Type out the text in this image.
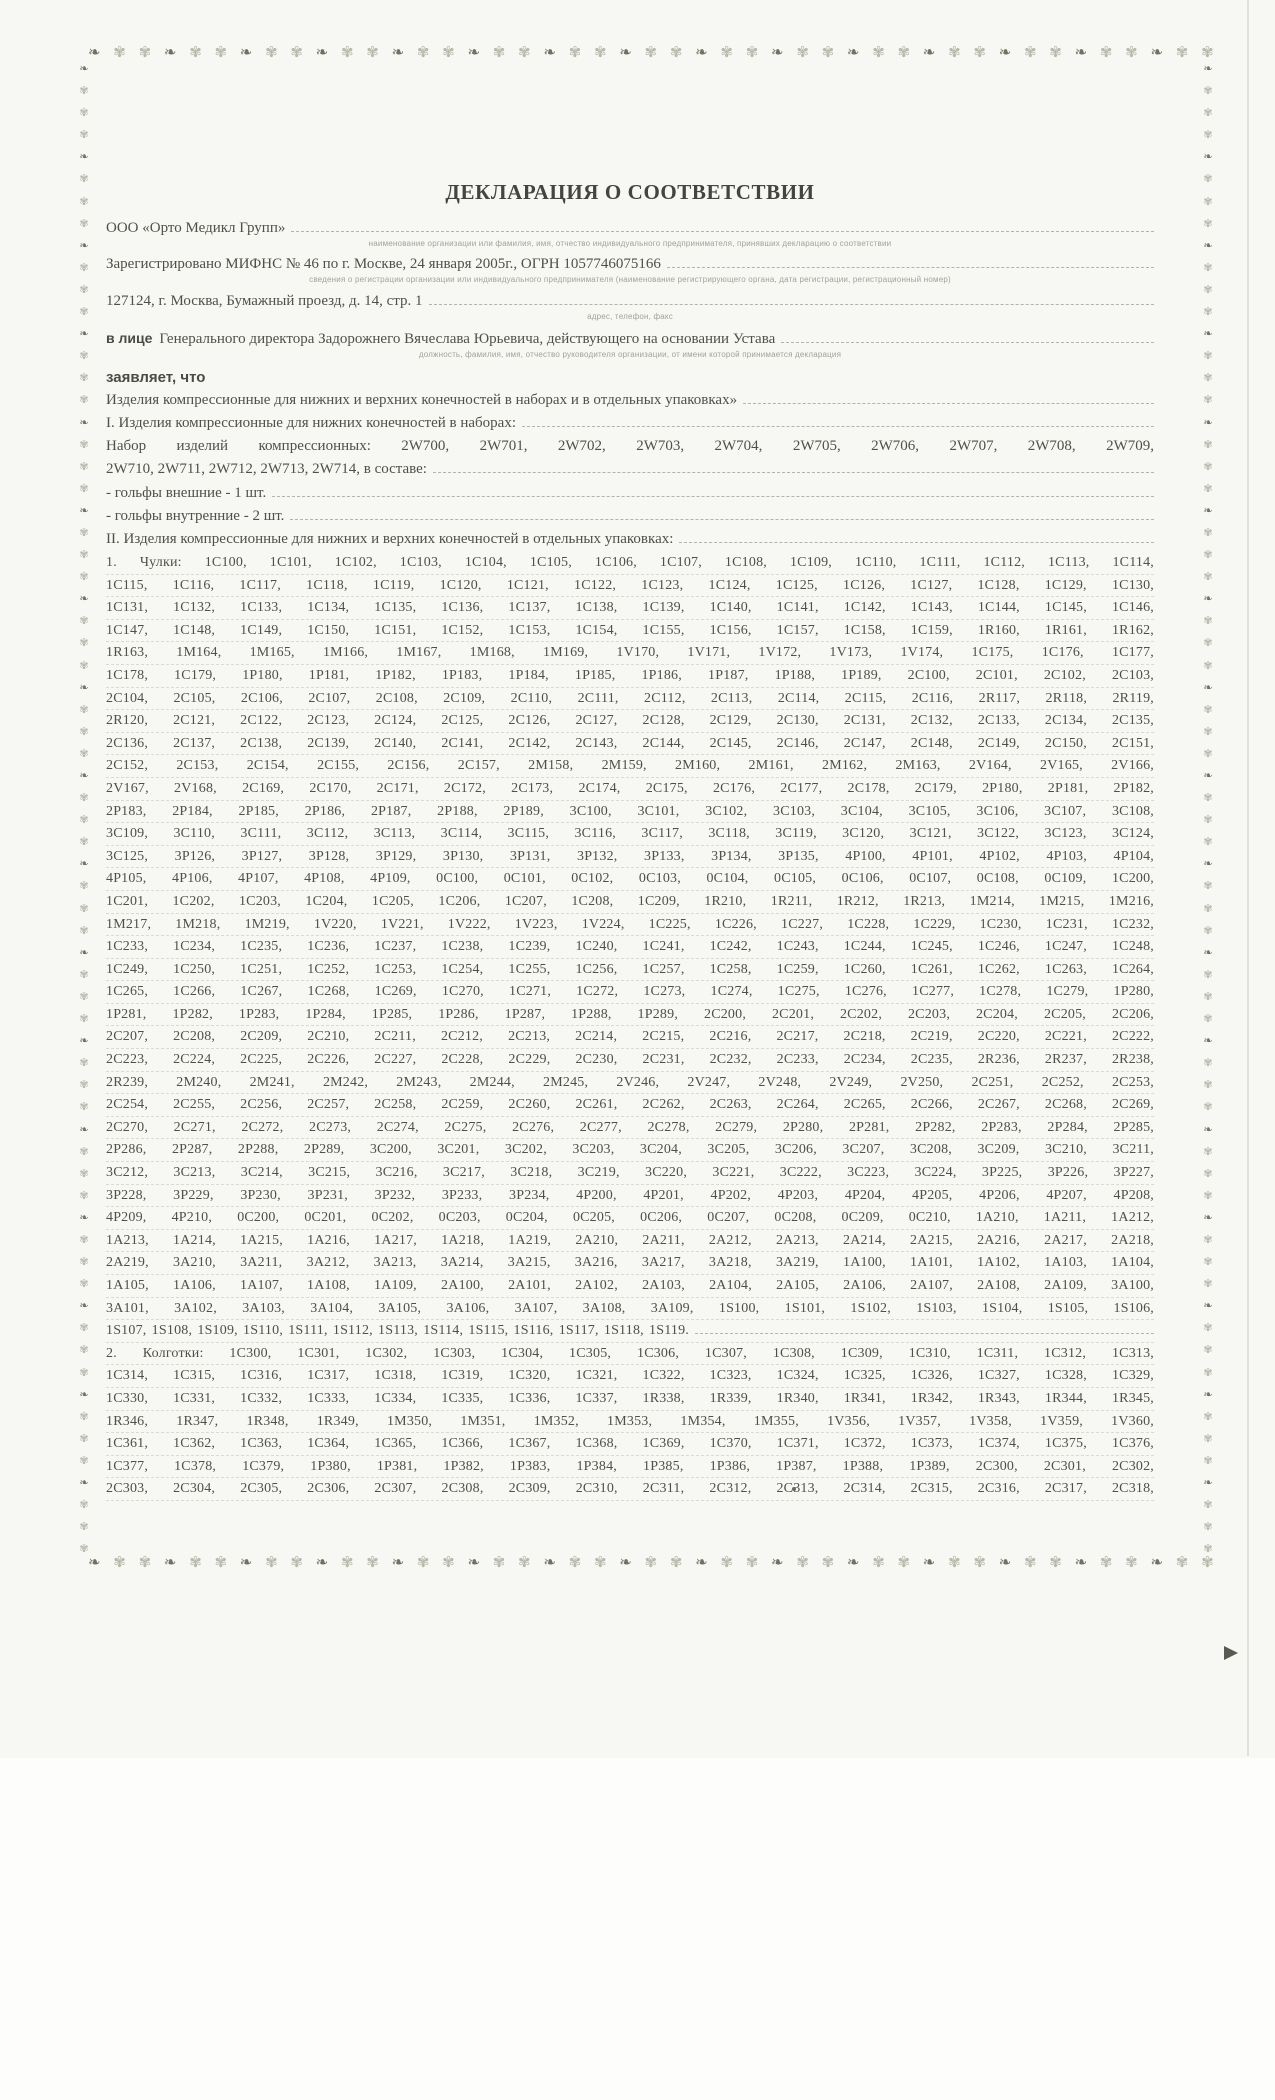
❧ ✾ ✾ ❧ ✾ ✾ ❧ ✾ ✾ ❧ ✾ ✾ ❧ ✾ ✾ ❧ ✾ ✾ ❧ ✾ ✾ ❧ ✾ ✾ ❧ ✾ ✾ ❧ ✾ ✾ ❧ ✾ ✾ ❧ ✾ ✾ ❧ ✾ ✾ ❧ ✾ ✾ ❧ ✾ ✾
❧ ✾ ✾ ❧ ✾ ✾ ❧ ✾ ✾ ❧ ✾ ✾ ❧ ✾ ✾ ❧ ✾ ✾ ❧ ✾ ✾ ❧ ✾ ✾ ❧ ✾ ✾ ❧ ✾ ✾ ❧ ✾ ✾ ❧ ✾ ✾ ❧ ✾ ✾ ❧ ✾ ✾ ❧ ✾ ✾
❧
✾
✾
✾
❧
✾
✾
✾
❧
✾
✾
✾
❧
✾
✾
✾
❧
✾
✾
✾
❧
✾
✾
✾
❧
✾
✾
✾
❧
✾
✾
✾
❧
✾
✾
✾
❧
✾
✾
✾
❧
✾
✾
✾
❧
✾
✾
✾
❧
✾
✾
✾
❧
✾
✾
✾
❧
✾
✾
✾
❧
✾
✾
✾
❧
✾
✾
✾
❧
✾
✾
✾
❧
✾
✾
✾
❧
✾
✾
✾
❧
✾
✾
✾
❧
✾
✾
✾
❧
✾
✾
✾
❧
✾
✾
✾
❧
✾
✾
✾
❧
✾
✾
✾
❧
✾
✾
✾
❧
✾
✾
✾
❧
✾
✾
✾
❧
✾
✾
✾
❧
✾
✾
✾
❧
✾
✾
✾
❧
✾
✾
✾
❧
✾
✾
✾
ДЕКЛАРАЦИЯ О СООТВЕТСТВИИ
ООО «Орто Медикл Групп»
наименование организации или фамилия, имя, отчество индивидуального предпринимателя, принявших декларацию о соответствии
Зарегистрировано МИФНС № 46 по г. Москве, 24 января 2005г., ОГРН 1057746075166
сведения о регистрации организации или индивидуального предпринимателя (наименование регистрирующего органа, дата регистрации, регистрационный номер)
127124, г. Москва, Бумажный проезд, д. 14, стр. 1
адрес, телефон, факс
в лице Генерального директора Задорожнего Вячеслава Юрьевича, действующего на основании Устава
должность, фамилия, имя, отчество руководителя организации, от имени которой принимается декларация
заявляет, что
Изделия компрессионные для нижних и верхних конечностей в наборах и в отдельных упаковках»
I. Изделия компрессионные для нижних конечностей в наборах:
Набор изделий компрессионных: 2W700, 2W701, 2W702, 2W703, 2W704, 2W705, 2W706, 2W707, 2W708, 2W709,
2W710, 2W711, 2W712, 2W713, 2W714, в составе:
- гольфы внешние - 1 шт.
- гольфы внутренние - 2 шт.
II. Изделия компрессионные для нижних и верхних конечностей в отдельных упаковках:
1. Чулки: 1C100, 1C101, 1C102, 1C103, 1C104, 1C105, 1C106, 1C107, 1C108, 1C109, 1C110, 1C111, 1C112, 1C113, 1C114,
1C115, 1C116, 1C117, 1C118, 1C119, 1C120, 1C121, 1C122, 1C123, 1C124, 1C125, 1C126, 1C127, 1C128, 1C129, 1C130,
1C131, 1C132, 1C133, 1C134, 1C135, 1C136, 1C137, 1C138, 1C139, 1C140, 1C141, 1C142, 1C143, 1C144, 1C145, 1C146,
1C147, 1C148, 1C149, 1C150, 1C151, 1C152, 1C153, 1C154, 1C155, 1C156, 1C157, 1C158, 1C159, 1R160, 1R161, 1R162,
1R163, 1M164, 1M165, 1M166, 1M167, 1M168, 1M169, 1V170, 1V171, 1V172, 1V173, 1V174, 1C175, 1C176, 1C177,
1C178, 1C179, 1P180, 1P181, 1P182, 1P183, 1P184, 1P185, 1P186, 1P187, 1P188, 1P189, 2C100, 2C101, 2C102, 2C103,
2C104, 2C105, 2C106, 2C107, 2C108, 2C109, 2C110, 2C111, 2C112, 2C113, 2C114, 2C115, 2C116, 2R117, 2R118, 2R119,
2R120, 2C121, 2C122, 2C123, 2C124, 2C125, 2C126, 2C127, 2C128, 2C129, 2C130, 2C131, 2C132, 2C133, 2C134, 2C135,
2C136, 2C137, 2C138, 2C139, 2C140, 2C141, 2C142, 2C143, 2C144, 2C145, 2C146, 2C147, 2C148, 2C149, 2C150, 2C151,
2C152, 2C153, 2C154, 2C155, 2C156, 2C157, 2M158, 2M159, 2M160, 2M161, 2M162, 2M163, 2V164, 2V165, 2V166,
2V167, 2V168, 2C169, 2C170, 2C171, 2C172, 2C173, 2C174, 2C175, 2C176, 2C177, 2C178, 2C179, 2P180, 2P181, 2P182,
2P183, 2P184, 2P185, 2P186, 2P187, 2P188, 2P189, 3C100, 3C101, 3C102, 3C103, 3C104, 3C105, 3C106, 3C107, 3C108,
3C109, 3C110, 3C111, 3C112, 3C113, 3C114, 3C115, 3C116, 3C117, 3C118, 3C119, 3C120, 3C121, 3C122, 3C123, 3C124,
3C125, 3P126, 3P127, 3P128, 3P129, 3P130, 3P131, 3P132, 3P133, 3P134, 3P135, 4P100, 4P101, 4P102, 4P103, 4P104,
4P105, 4P106, 4P107, 4P108, 4P109, 0C100, 0C101, 0C102, 0C103, 0C104, 0C105, 0C106, 0C107, 0C108, 0C109, 1C200,
1C201, 1C202, 1C203, 1C204, 1C205, 1C206, 1C207, 1C208, 1C209, 1R210, 1R211, 1R212, 1R213, 1M214, 1M215, 1M216,
1M217, 1M218, 1M219, 1V220, 1V221, 1V222, 1V223, 1V224, 1C225, 1C226, 1C227, 1C228, 1C229, 1C230, 1C231, 1C232,
1C233, 1C234, 1C235, 1C236, 1C237, 1C238, 1C239, 1C240, 1C241, 1C242, 1C243, 1C244, 1C245, 1C246, 1C247, 1C248,
1C249, 1C250, 1C251, 1C252, 1C253, 1C254, 1C255, 1C256, 1C257, 1C258, 1C259, 1C260, 1C261, 1C262, 1C263, 1C264,
1C265, 1C266, 1C267, 1C268, 1C269, 1C270, 1C271, 1C272, 1C273, 1C274, 1C275, 1C276, 1C277, 1C278, 1C279, 1P280,
1P281, 1P282, 1P283, 1P284, 1P285, 1P286, 1P287, 1P288, 1P289, 2C200, 2C201, 2C202, 2C203, 2C204, 2C205, 2C206,
2C207, 2C208, 2C209, 2C210, 2C211, 2C212, 2C213, 2C214, 2C215, 2C216, 2C217, 2C218, 2C219, 2C220, 2C221, 2C222,
2C223, 2C224, 2C225, 2C226, 2C227, 2C228, 2C229, 2C230, 2C231, 2C232, 2C233, 2C234, 2C235, 2R236, 2R237, 2R238,
2R239, 2M240, 2M241, 2M242, 2M243, 2M244, 2M245, 2V246, 2V247, 2V248, 2V249, 2V250, 2C251, 2C252, 2C253,
2C254, 2C255, 2C256, 2C257, 2C258, 2C259, 2C260, 2C261, 2C262, 2C263, 2C264, 2C265, 2C266, 2C267, 2C268, 2C269,
2C270, 2C271, 2C272, 2C273, 2C274, 2C275, 2C276, 2C277, 2C278, 2C279, 2P280, 2P281, 2P282, 2P283, 2P284, 2P285,
2P286, 2P287, 2P288, 2P289, 3C200, 3C201, 3C202, 3C203, 3C204, 3C205, 3C206, 3C207, 3C208, 3C209, 3C210, 3C211,
3C212, 3C213, 3C214, 3C215, 3C216, 3C217, 3C218, 3C219, 3C220, 3C221, 3C222, 3C223, 3C224, 3P225, 3P226, 3P227,
3P228, 3P229, 3P230, 3P231, 3P232, 3P233, 3P234, 4P200, 4P201, 4P202, 4P203, 4P204, 4P205, 4P206, 4P207, 4P208,
4P209, 4P210, 0C200, 0C201, 0C202, 0C203, 0C204, 0C205, 0C206, 0C207, 0C208, 0C209, 0C210, 1A210, 1A211, 1A212,
1A213, 1A214, 1A215, 1A216, 1A217, 1A218, 1A219, 2A210, 2A211, 2A212, 2A213, 2A214, 2A215, 2A216, 2A217, 2A218,
2A219, 3A210, 3A211, 3A212, 3A213, 3A214, 3A215, 3A216, 3A217, 3A218, 3A219, 1A100, 1A101, 1A102, 1A103, 1A104,
1A105, 1A106, 1A107, 1A108, 1A109, 2A100, 2A101, 2A102, 2A103, 2A104, 2A105, 2A106, 2A107, 2A108, 2A109, 3A100,
3A101, 3A102, 3A103, 3A104, 3A105, 3A106, 3A107, 3A108, 3A109, 1S100, 1S101, 1S102, 1S103, 1S104, 1S105, 1S106,
1S107, 1S108, 1S109, 1S110, 1S111, 1S112, 1S113, 1S114, 1S115, 1S116, 1S117, 1S118, 1S119.
2. Колготки: 1C300, 1C301, 1C302, 1C303, 1C304, 1C305, 1C306, 1C307, 1C308, 1C309, 1C310, 1C311, 1C312, 1C313,
1C314, 1C315, 1C316, 1C317, 1C318, 1C319, 1C320, 1C321, 1C322, 1C323, 1C324, 1C325, 1C326, 1C327, 1C328, 1C329,
1C330, 1C331, 1C332, 1C333, 1C334, 1C335, 1C336, 1C337, 1R338, 1R339, 1R340, 1R341, 1R342, 1R343, 1R344, 1R345,
1R346, 1R347, 1R348, 1R349, 1M350, 1M351, 1M352, 1M353, 1M354, 1M355, 1V356, 1V357, 1V358, 1V359, 1V360,
1C361, 1C362, 1C363, 1C364, 1C365, 1C366, 1C367, 1C368, 1C369, 1C370, 1C371, 1C372, 1C373, 1C374, 1C375, 1C376,
1C377, 1C378, 1C379, 1P380, 1P381, 1P382, 1P383, 1P384, 1P385, 1P386, 1P387, 1P388, 1P389, 2C300, 2C301, 2C302,
2C303, 2C304, 2C305, 2C306, 2C307, 2C308, 2C309, 2C310, 2C311, 2C312, 2C313, 2C314, 2C315, 2C316, 2C317, 2C318,
